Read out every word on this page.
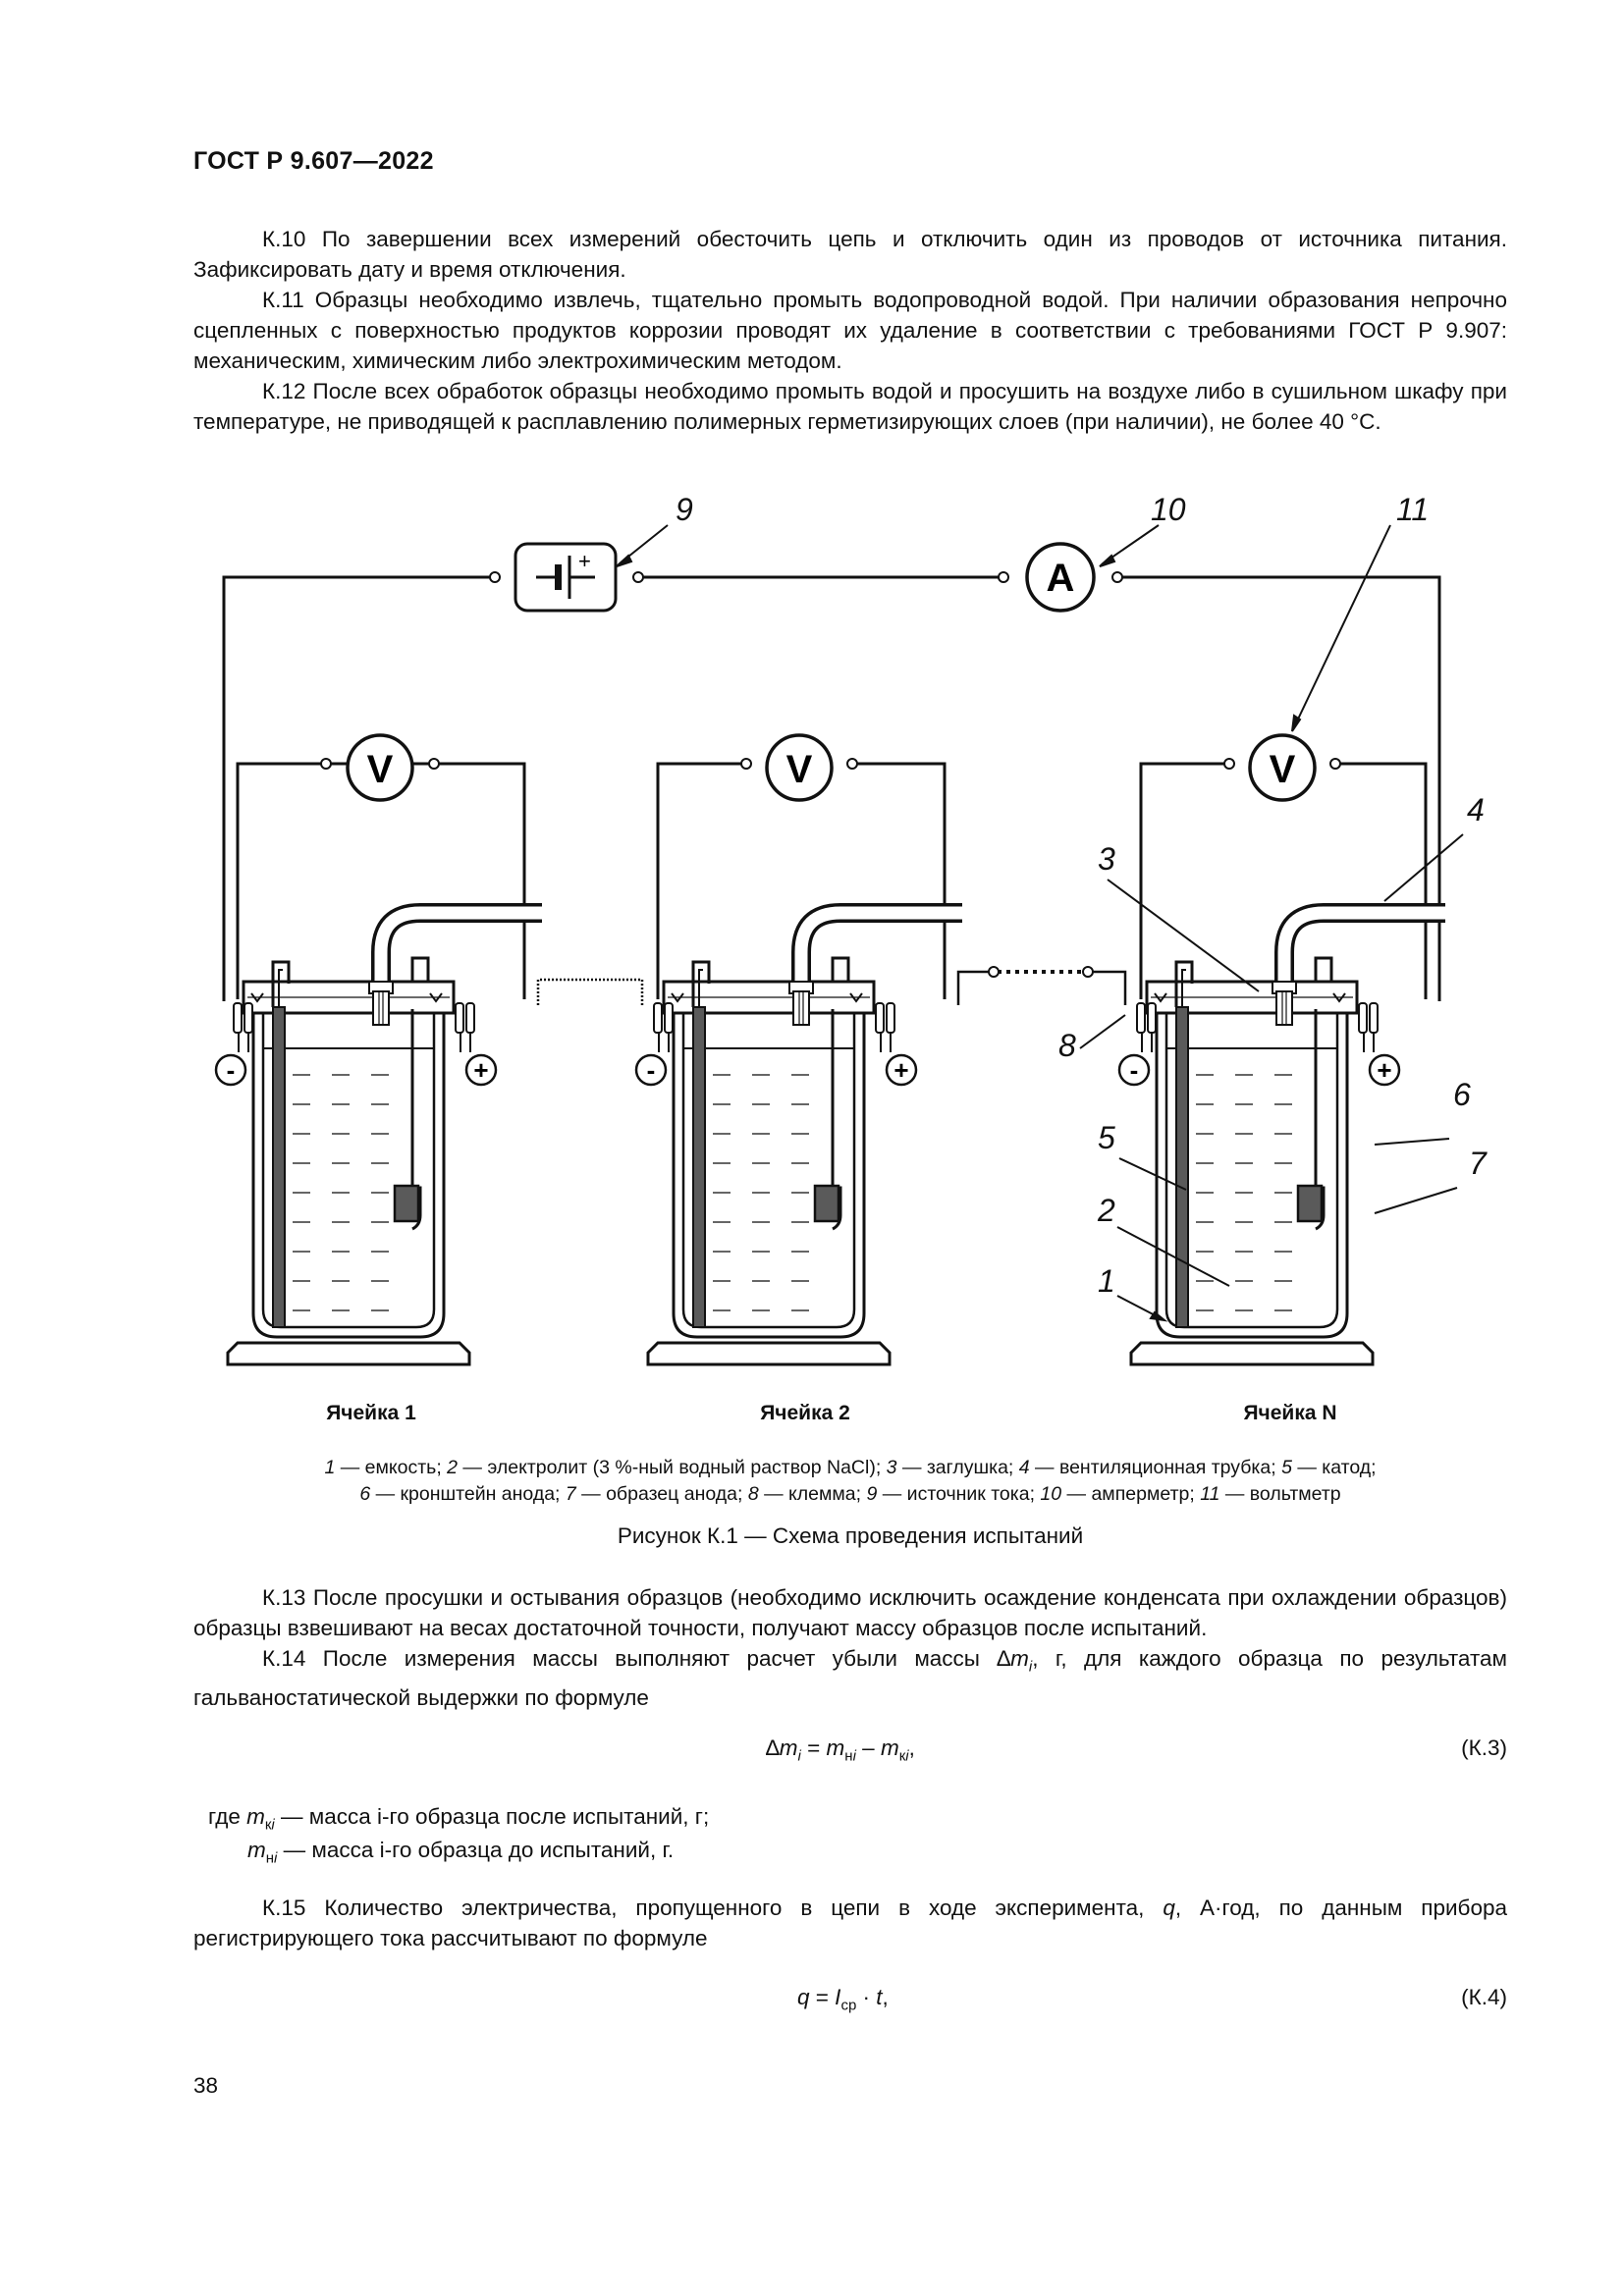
ГОСТ Р 9.607—2022

К.10 По завершении всех измерений обесточить цепь и отключить один из проводов от источника питания. Зафиксировать дату и время отключения.

К.11 Образцы необходимо извлечь, тщательно промыть водопроводной водой. При наличии образования непрочно сцепленных с поверхностью продуктов коррозии проводят их удаление в соответствии с требованиями ГОСТ Р 9.907: механическим, химическим либо электрохимическим методом.

К.12 После всех обработок образцы необходимо промыть водой и просушить на воздухе либо в сушильном шкафу при температуре, не приводящей к расплавлению полимерных герметизирующих слоев (при наличии), не более 40 °С.

+	A
V	V	V
-	+	-	+	-	+
9	10	11
4
3
8
6
5
7
2
1
Ячейка 1	Ячейка 2	Ячейка N
1 — емкость; 2 — электролит (3 %-ный водный раствор NaCl); 3 — заглушка; 4 — вентиляционная трубка; 5 — катод;
6 — кронштейн анода; 7 — образец анода; 8 — клемма; 9 — источник тока; 10 — амперметр; 11 — вольтметр
Рисунок К.1 — Схема проведения испытаний

К.13 После просушки и остывания образцов (необходимо исключить осаждение конденсата при охлаждении образцов) образцы взвешивают на весах достаточной точности, получают массу образцов после испытаний.

К.14 После измерения массы выполняют расчет убыли массы $\Delta m_i$, г, для каждого образца по результатам гальваностатической выдержки по формуле

$\Delta m_i = m_{нi} - m_{кi}$,	(К.3)
где $m_{кi}$ — масса i-го образца после испытаний, г;
$m_{нi}$ — масса i-го образца до испытаний, г.

К.15 Количество электричества, пропущенного в цепи в ходе эксперимента, q, А·год, по данным прибора регистрирующего тока рассчитывают по формуле

$q = I_{ср} \cdot t$,	(К.4)
38
